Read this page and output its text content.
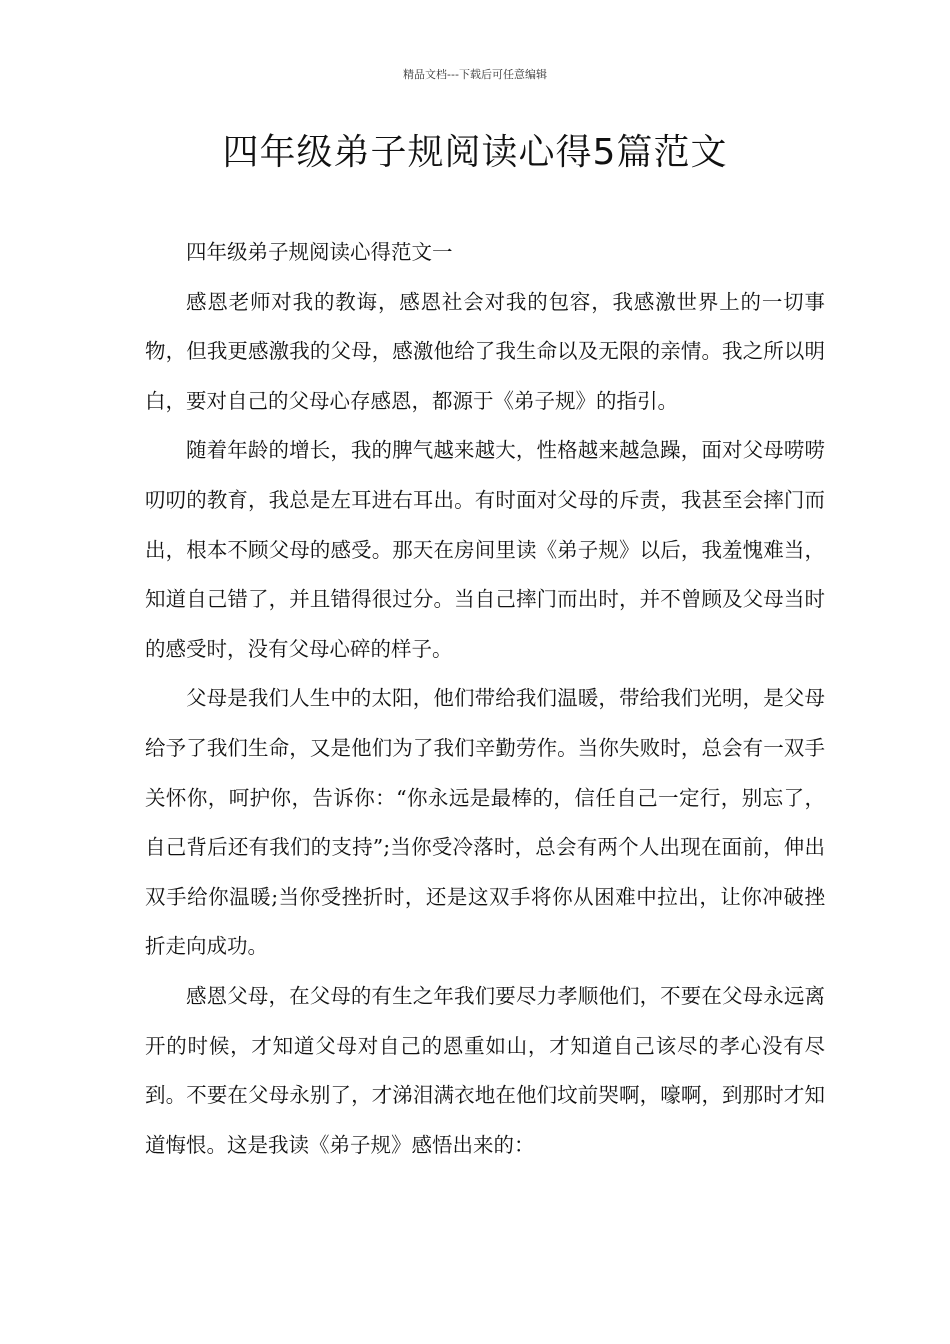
精品文档---下载后可任意编辑
四年级弟子规阅读心得5篇范文

四年级弟子规阅读心得范文一

感恩老师对我的教诲，感恩社会对我的包容，我感激世界上的一切事物，但我更感激我的父母，感激他给了我生命以及无限的亲情。我之所以明白，要对自己的父母心存感恩，都源于《弟子规》的指引。

随着年龄的增长，我的脾气越来越大，性格越来越急躁，面对父母唠唠叨叨的教育，我总是左耳进右耳出。有时面对父母的斥责，我甚至会摔门而出，根本不顾父母的感受。那天在房间里读《弟子规》以后，我羞愧难当，知道自己错了，并且错得很过分。当自己摔门而出时，并不曾顾及父母当时的感受时，没有父母心碎的样子。

父母是我们人生中的太阳，他们带给我们温暖，带给我们光明，是父母给予了我们生命，又是他们为了我们辛勤劳作。当你失败时，总会有一双手关怀你，呵护你，告诉你：“你永远是最棒的，信任自己一定行，别忘了，自己背后还有我们的支持”;当你受冷落时，总会有两个人出现在面前，伸出双手给你温暖;当你受挫折时，还是这双手将你从困难中拉出，让你冲破挫折走向成功。

感恩父母，在父母的有生之年我们要尽力孝顺他们，不要在父母永远离开的时候，才知道父母对自己的恩重如山，才知道自己该尽的孝心没有尽到。不要在父母永别了，才涕泪满衣地在他们坟前哭啊，嚎啊，到那时才知道悔恨。这是我读《弟子规》感悟出来的：
